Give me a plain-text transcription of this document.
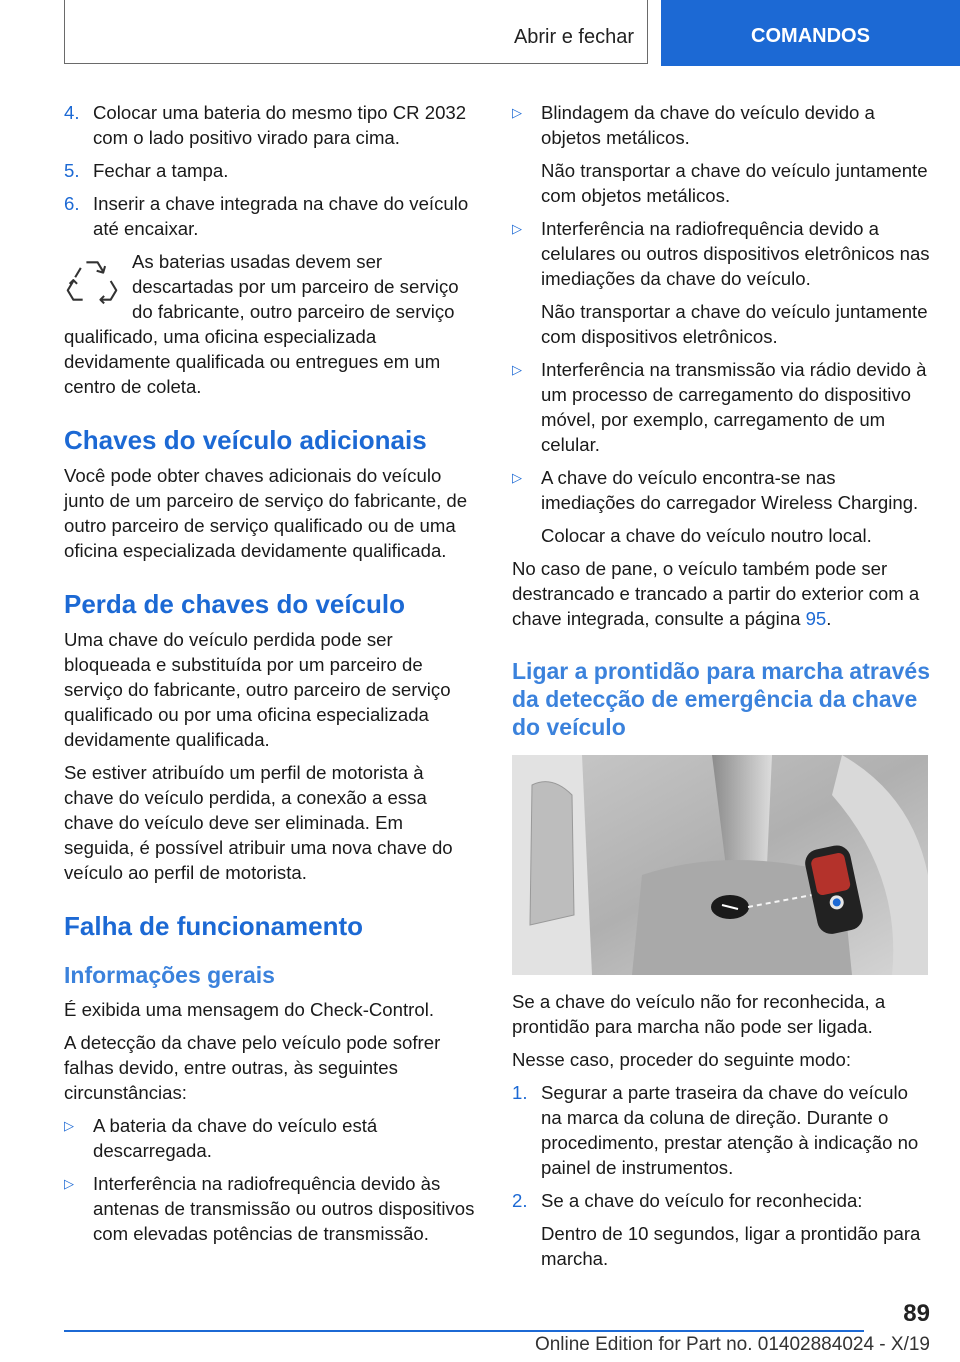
Abrir e fechar	COMANDOS
4. Colocar uma bateria do mesmo tipo CR 2032 com o lado positivo virado para cima.
5. Fechar a tampa.
6. Inserir a chave integrada na chave do veículo até encaixar.
As baterias usadas devem ser descartadas por um parceiro de serviço do fabricante, outro parceiro de serviço qualificado, uma oficina especializada devidamente qualificada ou entregues em um centro de coleta.
Chaves do veículo adicionais
Você pode obter chaves adicionais do veículo junto de um parceiro de serviço do fabricante, de outro parceiro de serviço qualificado ou de uma oficina especializada devidamente qualificada.
Perda de chaves do veículo
Uma chave do veículo perdida pode ser bloqueada e substituída por um parceiro de serviço do fabricante, outro parceiro de serviço qualificado ou por uma oficina especializada devidamente qualificada.
Se estiver atribuído um perfil de motorista à chave do veículo perdida, a conexão a essa chave do veículo deve ser eliminada. Em seguida, é possível atribuir uma nova chave do veículo ao perfil de motorista.
Falha de funcionamento
Informações gerais
É exibida uma mensagem do Check-Control.
A detecção da chave pelo veículo pode sofrer falhas devido, entre outras, às seguintes circunstâncias:
▷	A bateria da chave do veículo está descarregada.
▷	Interferência na radiofrequência devido às antenas de transmissão ou outros dispositivos com elevadas potências de transmissão.
▷	Blindagem da chave do veículo devido a objetos metálicos.
Não transportar a chave do veículo juntamente com objetos metálicos.
▷	Interferência na radiofrequência devido a celulares ou outros dispositivos eletrônicos nas imediações da chave do veículo.
Não transportar a chave do veículo juntamente com dispositivos eletrônicos.
▷	Interferência na transmissão via rádio devido à um processo de carregamento do dispositivo móvel, por exemplo, carregamento de um celular.
▷	A chave do veículo encontra-se nas imediações do carregador Wireless Charging.
Colocar a chave do veículo noutro local.
No caso de pane, o veículo também pode ser destrancado e trancado a partir do exterior com a chave integrada, consulte a página 95.
Ligar a prontidão para marcha através da detecção de emergência da chave do veículo
Se a chave do veículo não for reconhecida, a prontidão para marcha não pode ser ligada.
Nesse caso, proceder do seguinte modo:
1. Segurar a parte traseira da chave do veículo na marca da coluna de direção. Durante o procedimento, prestar atenção à indicação no painel de instrumentos.
2. Se a chave do veículo for reconhecida:
Dentro de 10 segundos, ligar a prontidão para marcha.
89
Online Edition for Part no. 01402884024 - X/19
